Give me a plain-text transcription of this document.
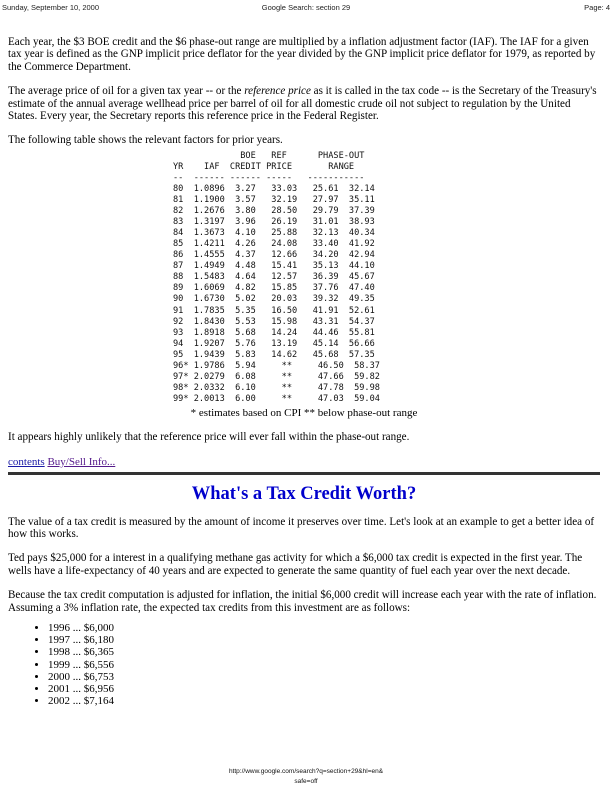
Sunday, September 10, 2000	Google Search: section 29	Page: 4

Each year, the $3 BOE credit and the $6 phase-out range are multiplied by a inflation adjustment factor (IAF). The IAF for a given tax year is defined as the GNP implicit price deflator for the year divided by the GNP implicit price deflator for 1979, as reported by the Commerce Department.

The average price of oil for a given tax year -- or the reference price as it is called in the tax code -- is the Secretary of the Treasury's estimate of the annual average wellhead price per barrel of oil for all domestic crude oil not subject to regulation by the United States. Every year, the Secretary reports this reference price in the Federal Register.

The following table shows the relevant factors for prior years.

BOE   REF      PHASE-OUT
YR    IAF  CREDIT PRICE       RANGE
--  ------ ------ -----   -----------
80  1.0896  3.27   33.03   25.61  32.14
81  1.1900  3.57   32.19   27.97  35.11
82  1.2676  3.80   28.50   29.79  37.39
83  1.3197  3.96   26.19   31.01  38.93
84  1.3673  4.10   25.88   32.13  40.34
85  1.4211  4.26   24.08   33.40  41.92
86  1.4555  4.37   12.66   34.20  42.94
87  1.4949  4.48   15.41   35.13  44.10
88  1.5483  4.64   12.57   36.39  45.67
89  1.6069  4.82   15.85   37.76  47.40
90  1.6730  5.02   20.03   39.32  49.35
91  1.7835  5.35   16.50   41.91  52.61
92  1.8430  5.53   15.98   43.31  54.37
93  1.8918  5.68   14.24   44.46  55.81
94  1.9207  5.76   13.19   45.14  56.66
95  1.9439  5.83   14.62   45.68  57.35
96* 1.9786  5.94     **     46.50  58.37
97* 2.0279  6.08     **     47.66  59.82
98* 2.0332  6.10     **     47.78  59.98
99* 2.0013  6.00     **     47.03  59.04

* estimates based on CPI ** below phase-out range

It appears highly unlikely that the reference price will ever fall within the phase-out range.

contents Buy/Sell Info...
What's a Tax Credit Worth?

The value of a tax credit is measured by the amount of income it preserves over time. Let's look at an example to get a better idea of how this works.

Ted pays $25,000 for a interest in a qualifying methane gas activity for which a $6,000 tax credit is expected in the first year. The wells have a life-expectancy of 40 years and are expected to generate the same quantity of fuel each year over the next decade.

Because the tax credit computation is adjusted for inflation, the initial $6,000 credit will increase each year with the rate of inflation. Assuming a 3% inflation rate, the expected tax credits from this investment are as follows:

• 1996 ... $6,000
• 1997 ... $6,180
• 1998 ... $6,365
• 1999 ... $6,556
• 2000 ... $6,753
• 2001 ... $6,956
• 2002 ... $7,164
http://www.google.com/search?q=section+29&hl=en&
safe=off
